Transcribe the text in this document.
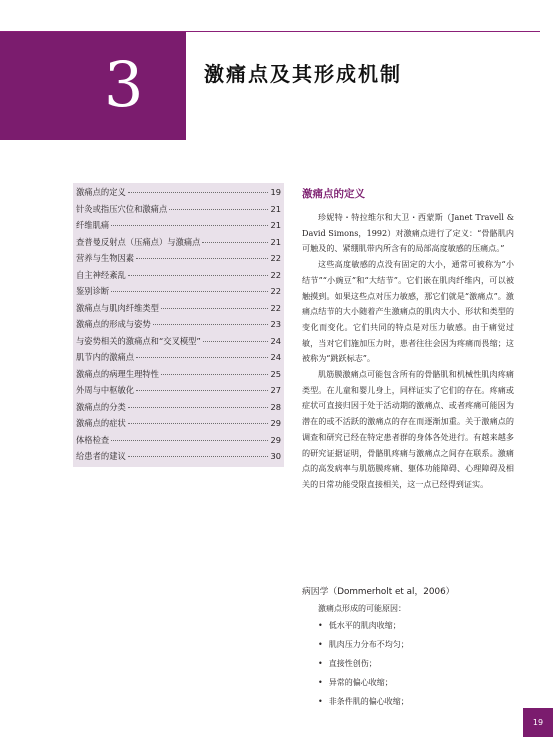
3	激痛点及其形成机制
激痛点的定义	19
针灸或指压穴位和激痛点	21
纤维肌痛	21
查普曼反射点（压痛点）与激痛点	21
营养与生物因素	22
自主神经紊乱	22
鉴别诊断	22
激痛点与肌肉纤维类型	22
激痛点的形成与姿势	23
与姿势相关的激痛点和“交叉模型”	24
肌节内的激痛点	24
激痛点的病理生理特性	25
外周与中枢敏化	27
激痛点的分类	28
激痛点的症状	29
体格检查	29
给患者的建议	30
激痛点的定义

珍妮特・特拉维尔和大卫・西蒙斯（Janet Travell & David Simons，1992）对激痛点进行了定义：“骨骼肌内可触及的、紧绷肌带内所含有的局部高度敏感的压痛点。”

这些高度敏感的点没有固定的大小，通常可被称为“小结节”“小豌豆”和“大结节”。它们嵌在肌肉纤维内，可以被触摸到。如果这些点对压力敏感，那它们就是“激痛点”。激痛点结节的大小随着产生激痛点的肌肉大小、形状和类型的变化而变化。它们共同的特点是对压力敏感。由于痛觉过敏，当对它们施加压力时，患者往往会因为疼痛而畏缩；这被称为“跳跃标志”。

肌筋膜激痛点可能包含所有的骨骼肌和机械性肌肉疼痛类型。在儿童和婴儿身上，同样证实了它们的存在。疼痛或症状可直接归因于处于活动期的激痛点、或者疼痛可能因为潜在的或不活跃的激痛点的存在而逐渐加重。关于激痛点的调查和研究已经在特定患者群的身体各处进行。有越来越多的研究证据证明，骨骼肌疼痛与激痛点之间存在联系。激痛点的高发病率与肌筋膜疼痛、躯体功能障碍、心理障碍及相关的日常功能受限直接相关，这一点已经得到证实。

病因学（Dommerholt et al，2006）
激痛点形成的可能原因：
• 低水平的肌肉收缩；
• 肌肉压力分布不均匀；
• 直接性创伤；
• 异常的偏心收缩；
• 非条件肌的偏心收缩；
19
